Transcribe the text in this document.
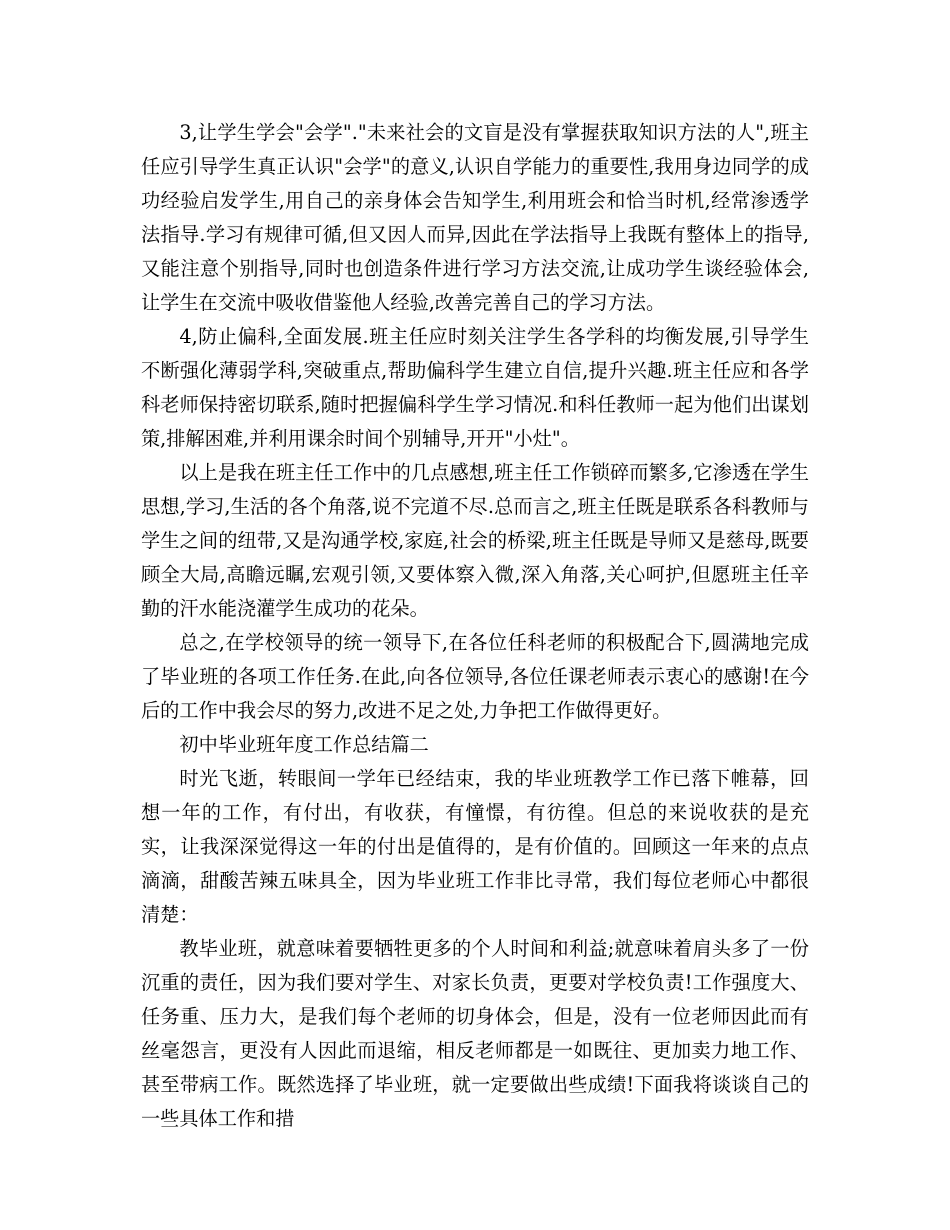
3,让学生学会"会学"."未来社会的文盲是没有掌握获取知识方法的人",班主任应引导学生真正认识"会学"的意义,认识自学能力的重要性,我用身边同学的成功经验启发学生,用自己的亲身体会告知学生,利用班会和恰当时机,经常渗透学法指导.学习有规律可循,但又因人而异,因此在学法指导上我既有整体上的指导,又能注意个别指导,同时也创造条件进行学习方法交流,让成功学生谈经验体会,让学生在交流中吸收借鉴他人经验,改善完善自己的学习方法。

4,防止偏科,全面发展.班主任应时刻关注学生各学科的均衡发展,引导学生不断强化薄弱学科,突破重点,帮助偏科学生建立自信,提升兴趣.班主任应和各学科老师保持密切联系,随时把握偏科学生学习情况.和科任教师一起为他们出谋划策,排解困难,并利用课余时间个别辅导,开开"小灶"。

以上是我在班主任工作中的几点感想,班主任工作锁碎而繁多,它渗透在学生思想,学习,生活的各个角落,说不完道不尽.总而言之,班主任既是联系各科教师与学生之间的纽带,又是沟通学校,家庭,社会的桥梁,班主任既是导师又是慈母,既要顾全大局,高瞻远瞩,宏观引领,又要体察入微,深入角落,关心呵护,但愿班主任辛勤的汗水能浇灌学生成功的花朵。

总之,在学校领导的统一领导下,在各位任科老师的积极配合下,圆满地完成了毕业班的各项工作任务.在此,向各位领导,各位任课老师表示衷心的感谢!在今后的工作中我会尽的努力,改进不足之处,力争把工作做得更好。

初中毕业班年度工作总结篇二

时光飞逝，转眼间一学年已经结束，我的毕业班教学工作已落下帷幕，回想一年的工作，有付出，有收获，有憧憬，有彷徨。但总的来说收获的是充实，让我深深觉得这一年的付出是值得的，是有价值的。回顾这一年来的点点滴滴，甜酸苦辣五味具全，因为毕业班工作非比寻常，我们每位老师心中都很清楚：

教毕业班，就意味着要牺牲更多的个人时间和利益;就意味着肩头多了一份沉重的责任，因为我们要对学生、对家长负责，更要对学校负责!工作强度大、任务重、压力大，是我们每个老师的切身体会，但是，没有一位老师因此而有丝毫怨言，更没有人因此而退缩，相反老师都是一如既往、更加卖力地工作、甚至带病工作。既然选择了毕业班，就一定要做出些成绩!下面我将谈谈自己的一些具体工作和措
